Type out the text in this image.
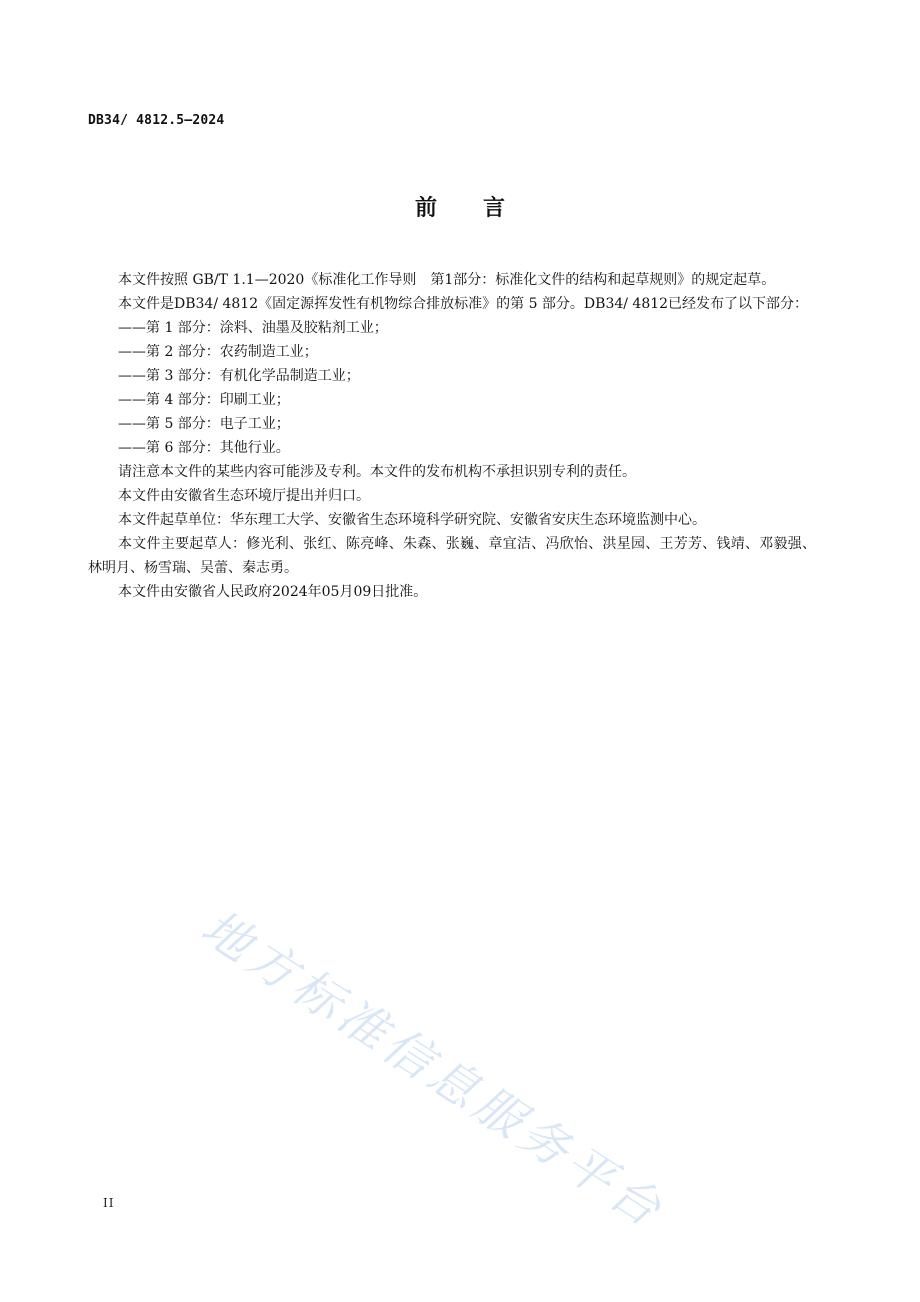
DB34/ 4812.5—2024
前言

本文件按照 GB/T 1.1—2020《标准化工作导则　第1部分：标准化文件的结构和起草规则》的规定起草。

本文件是DB34/ 4812《固定源挥发性有机物综合排放标准》的第 5 部分。DB34/ 4812已经发布了以下部分：

——第 1 部分：涂料、油墨及胶粘剂工业；

——第 2 部分：农药制造工业；

——第 3 部分：有机化学品制造工业；

——第 4 部分：印刷工业；

——第 5 部分：电子工业；

——第 6 部分：其他行业。

请注意本文件的某些内容可能涉及专利。本文件的发布机构不承担识别专利的责任。

本文件由安徽省生态环境厅提出并归口。

本文件起草单位：华东理工大学、安徽省生态环境科学研究院、安徽省安庆生态环境监测中心。

本文件主要起草人：修光利、张红、陈亮峰、朱森、张巍、章宜洁、冯欣怡、洪星园、王芳芳、钱靖、邓毅强、林明月、杨雪瑞、吴蕾、秦志勇。

本文件由安徽省人民政府2024年05月09日批准。

地方标准信息服务平台
II
